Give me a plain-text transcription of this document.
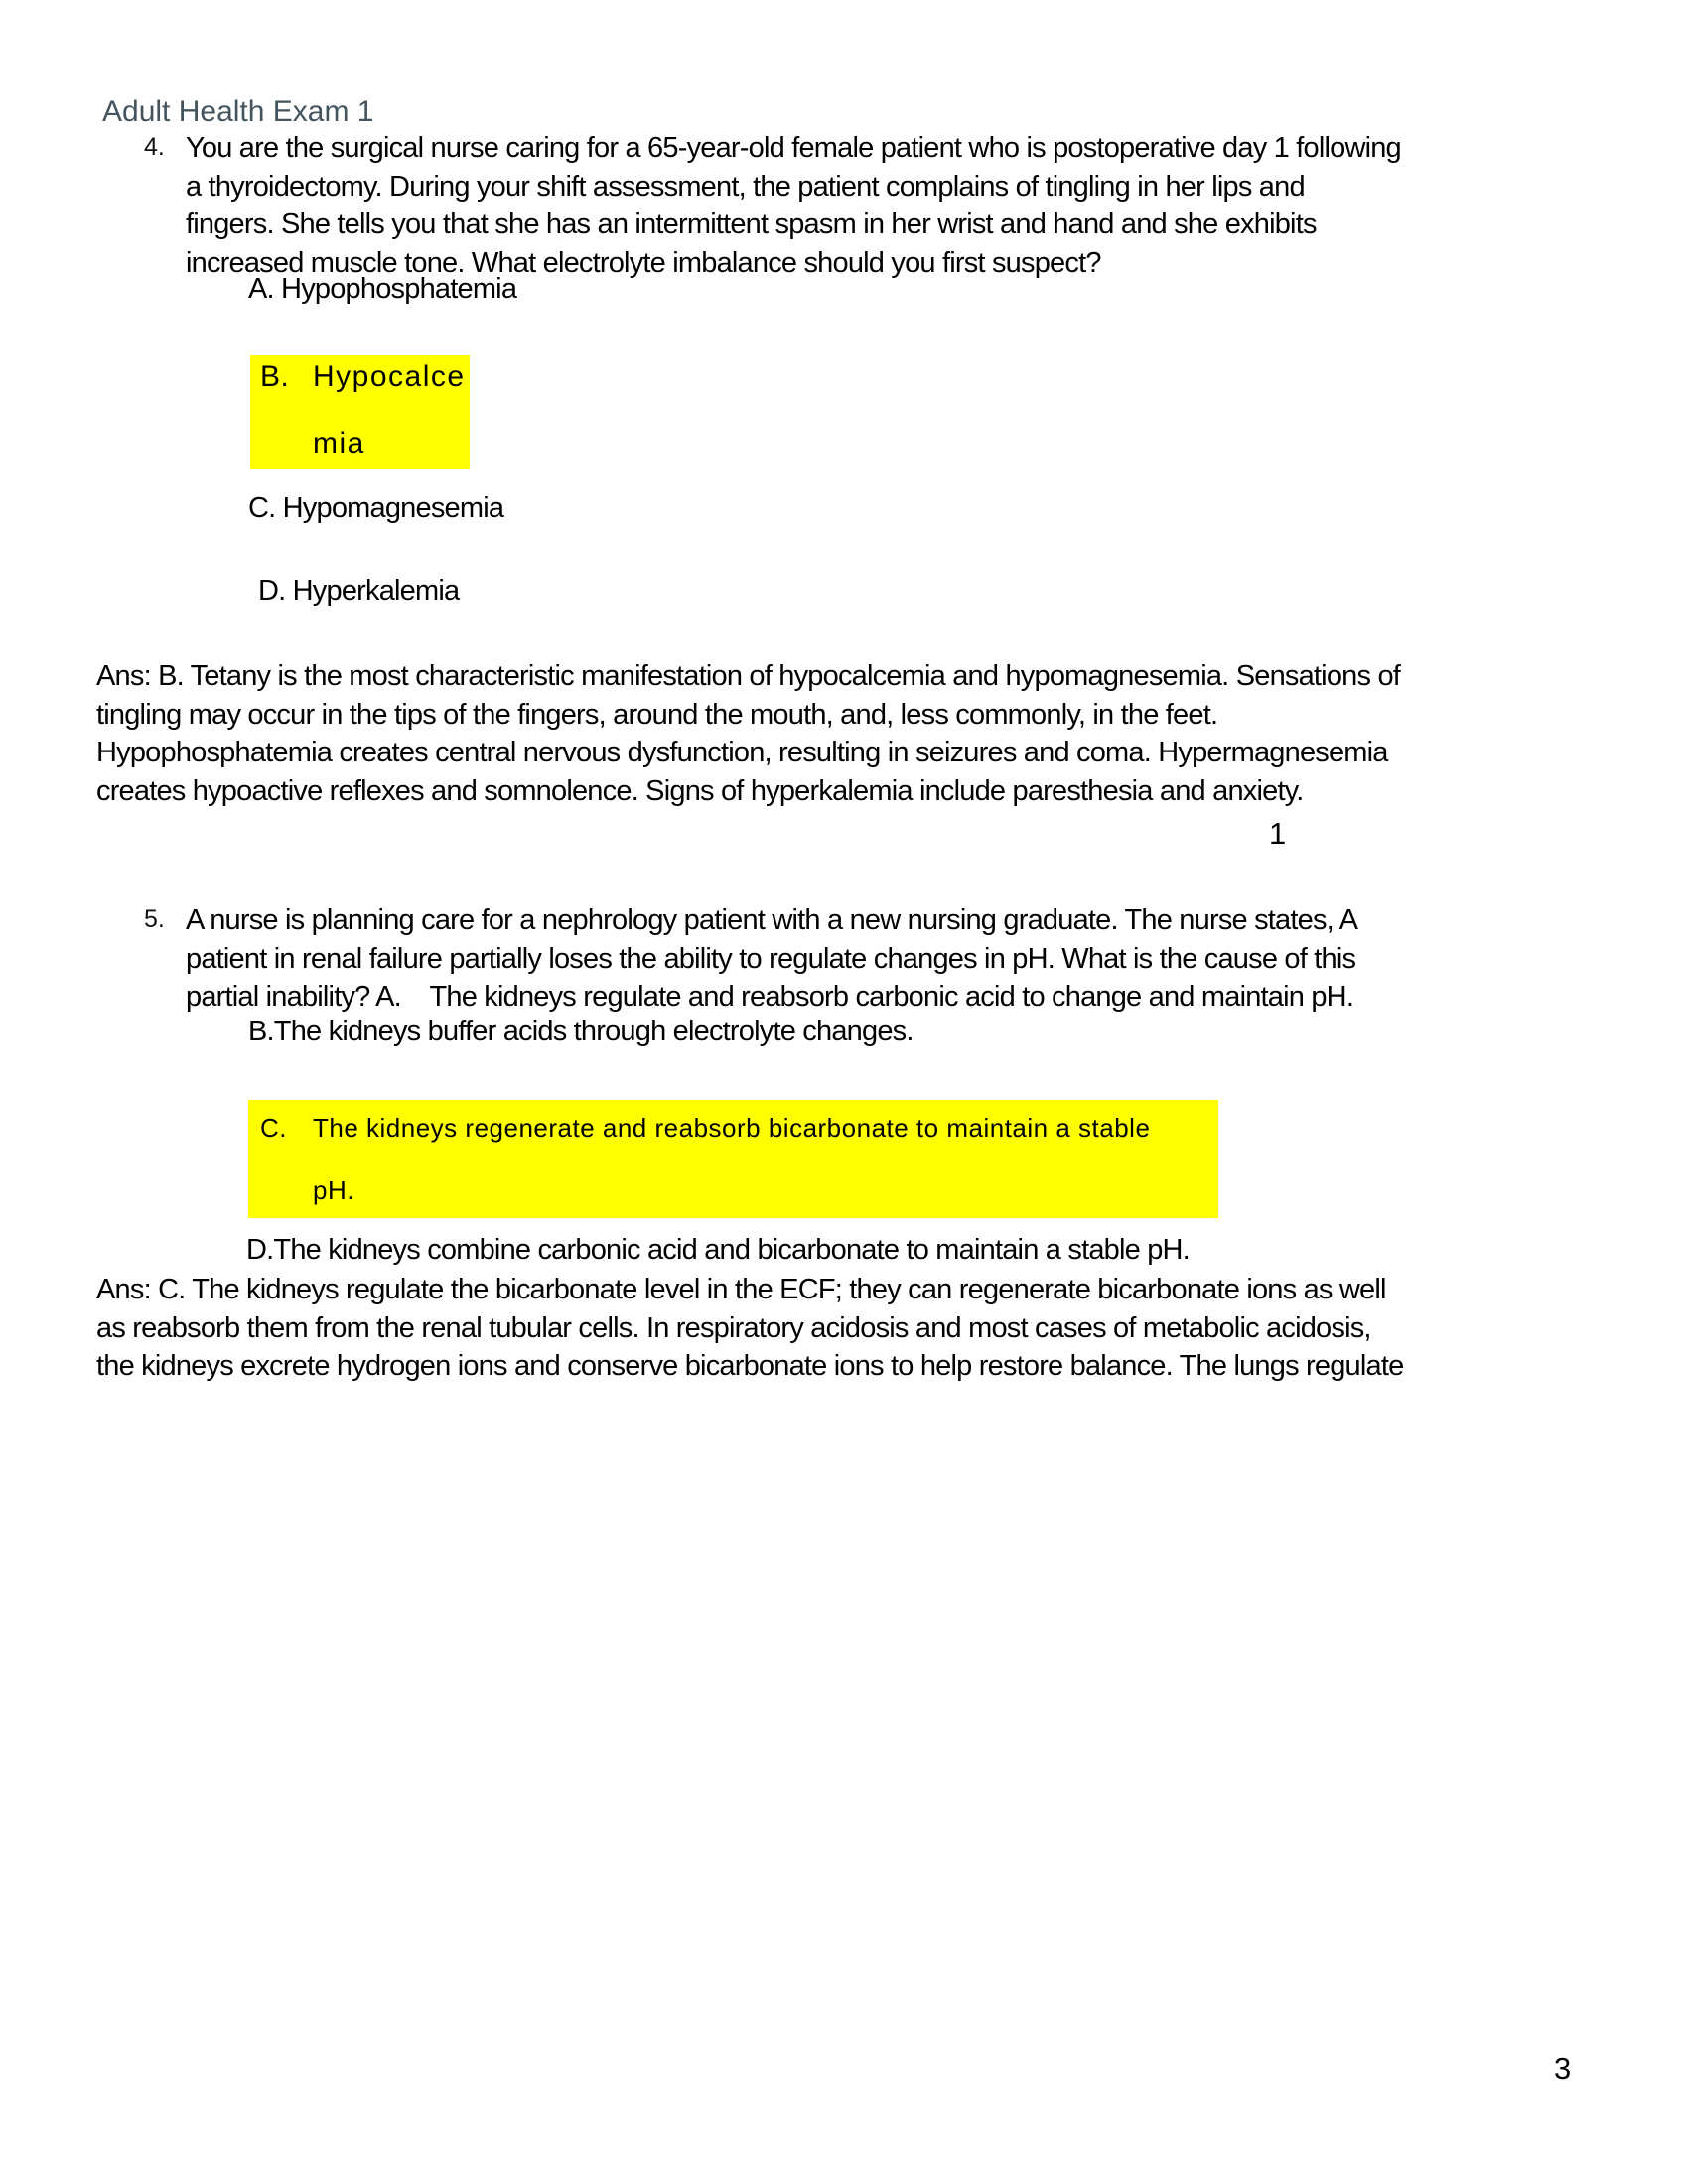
Adult Health Exam 1
4. You are the surgical nurse caring for a 65-year-old female patient who is postoperative day 1 following
a thyroidectomy. During your shift assessment, the patient complains of tingling in her lips and
fingers. She tells you that she has an intermittent spasm in her wrist and hand and she exhibits
increased muscle tone. What electrolyte imbalance should you first suspect?
A. Hypophosphatemia
B. Hypocalce
mia
C. Hypomagnesemia
D. Hyperkalemia
Ans: B. Tetany is the most characteristic manifestation of hypocalcemia and hypomagnesemia. Sensations of
tingling may occur in the tips of the fingers, around the mouth, and, less commonly, in the feet.
Hypophosphatemia creates central nervous dysfunction, resulting in seizures and coma. Hypermagnesemia
creates hypoactive reflexes and somnolence. Signs of hyperkalemia include paresthesia and anxiety.
1
5. A nurse is planning care for a nephrology patient with a new nursing graduate. The nurse states, A
patient in renal failure partially loses the ability to regulate changes in pH. What is the cause of this
partial inability? A.    The kidneys regulate and reabsorb carbonic acid to change and maintain pH.
B.The kidneys buffer acids through electrolyte changes.
C. The kidneys regenerate and reabsorb bicarbonate to maintain a stable
pH.
D.The kidneys combine carbonic acid and bicarbonate to maintain a stable pH.
Ans: C. The kidneys regulate the bicarbonate level in the ECF; they can regenerate bicarbonate ions as well
as reabsorb them from the renal tubular cells. In respiratory acidosis and most cases of metabolic acidosis,
the kidneys excrete hydrogen ions and conserve bicarbonate ions to help restore balance. The lungs regulate
3
